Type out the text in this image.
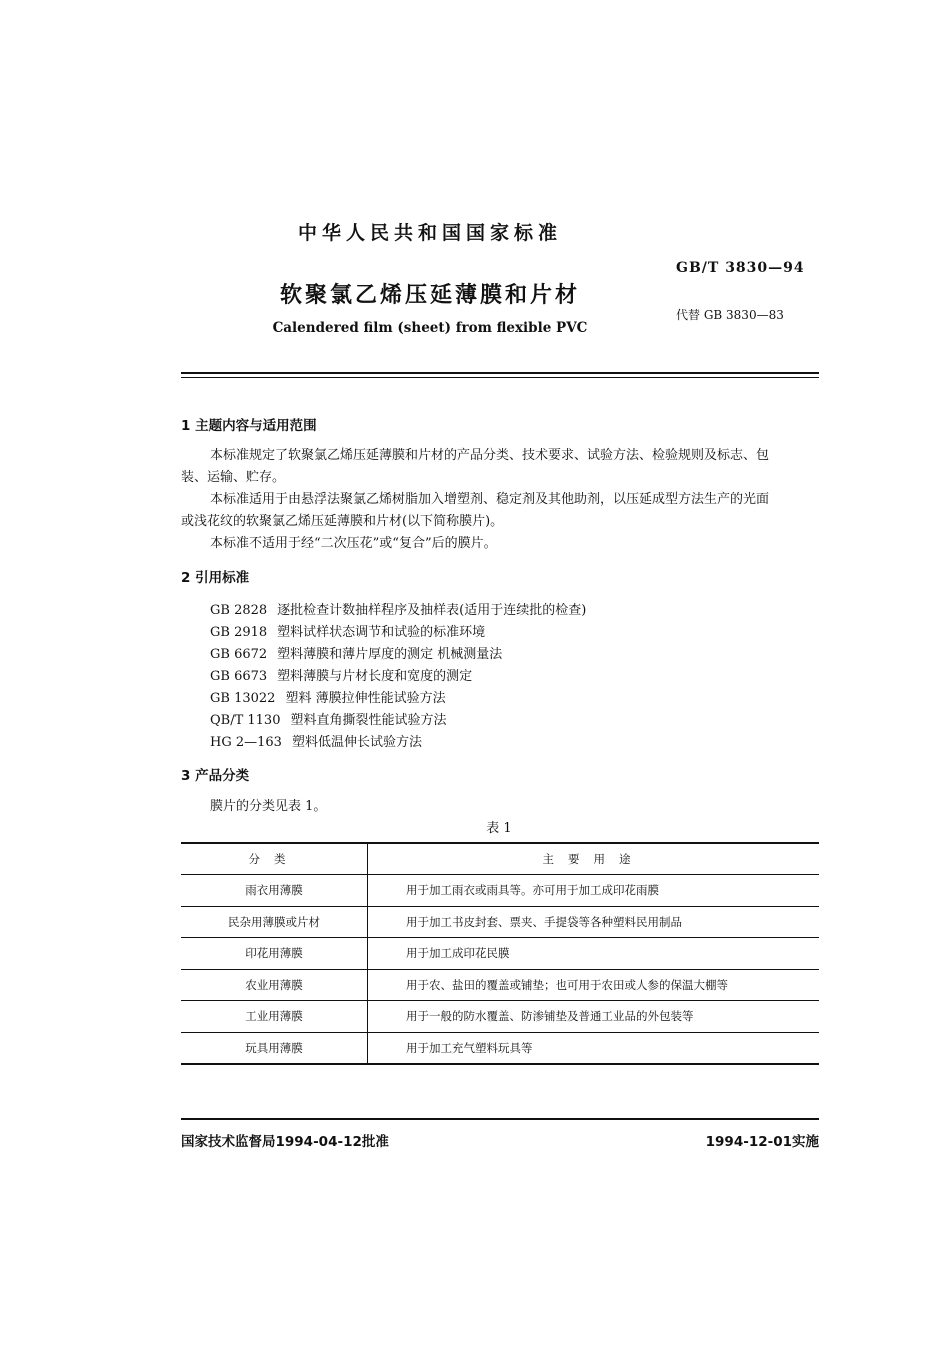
中华人民共和国国家标准
软聚氯乙烯压延薄膜和片材
Calendered film (sheet) from flexible PVC
GB/T 3830—94
代替 GB 3830—83
1 主题内容与适用范围
本标准规定了软聚氯乙烯压延薄膜和片材的产品分类、技术要求、试验方法、检验规则及标志、包
装、运输、贮存。
本标准适用于由悬浮法聚氯乙烯树脂加入增塑剂、稳定剂及其他助剂，以压延成型方法生产的光面
或浅花纹的软聚氯乙烯压延薄膜和片材(以下简称膜片)。
本标准不适用于经“二次压花”或“复合”后的膜片。
2 引用标准
GB 2828 逐批检查计数抽样程序及抽样表(适用于连续批的检查)
GB 2918 塑料试样状态调节和试验的标准环境
GB 6672 塑料薄膜和薄片厚度的测定 机械测量法
GB 6673 塑料薄膜与片材长度和宽度的测定
GB 13022 塑料 薄膜拉伸性能试验方法
QB/T 1130 塑料直角撕裂性能试验方法
HG 2—163 塑料低温伸长试验方法
3 产品分类
膜片的分类见表 1。
表 1
分类	主要用途
雨衣用薄膜	用于加工雨衣或雨具等。亦可用于加工成印花雨膜
民杂用薄膜或片材	用于加工书皮封套、票夹、手提袋等各种塑料民用制品
印花用薄膜	用于加工成印花民膜
农业用薄膜	用于农、盐田的覆盖或铺垫；也可用于农田或人参的保温大棚等
工业用薄膜	用于一般的防水覆盖、防渗铺垫及普通工业品的外包装等
玩具用薄膜	用于加工充气塑料玩具等
国家技术监督局1994-04-12批准	1994-12-01实施
